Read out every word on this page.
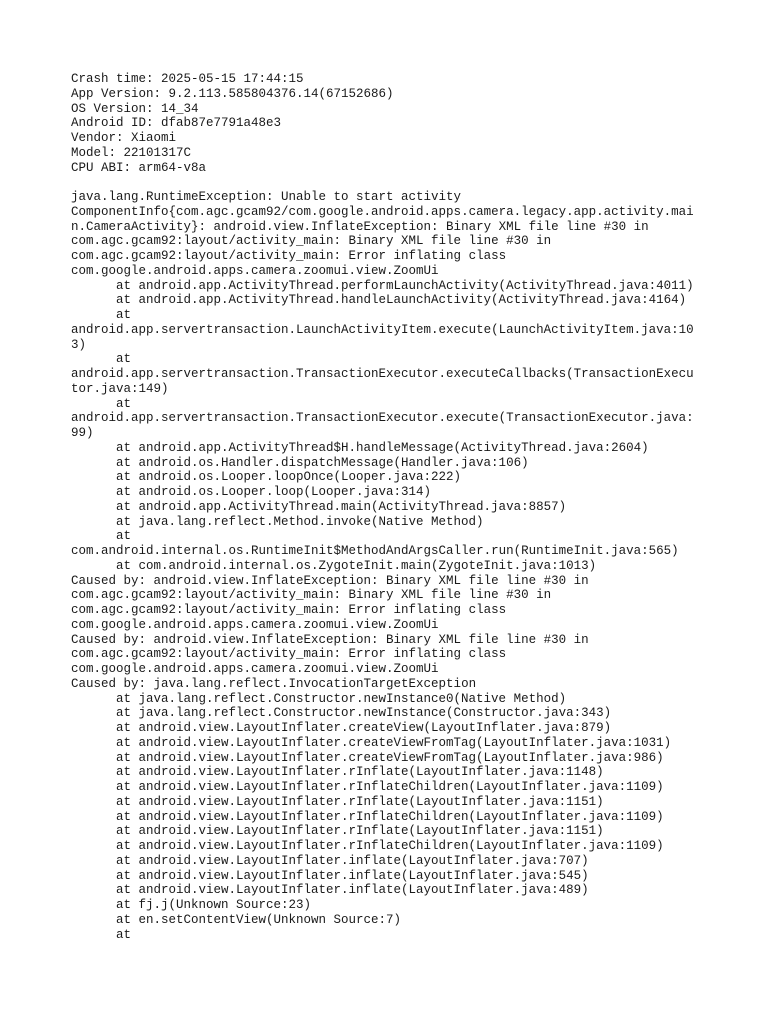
Crash time: 2025-05-15 17:44:15
App Version: 9.2.113.585804376.14(67152686)
OS Version: 14_34
Android ID: dfab87e7791a48e3
Vendor: Xiaomi
Model: 22101317C
CPU ABI: arm64-v8a
java.lang.RuntimeException: Unable to start activity
ComponentInfo{com.agc.gcam92/com.google.android.apps.camera.legacy.app.activity.mai
n.CameraActivity}: android.view.InflateException: Binary XML file line #30 in
com.agc.gcam92:layout/activity_main: Binary XML file line #30 in
com.agc.gcam92:layout/activity_main: Error inflating class
com.google.android.apps.camera.zoomui.view.ZoomUi
at android.app.ActivityThread.performLaunchActivity(ActivityThread.java:4011)
at android.app.ActivityThread.handleLaunchActivity(ActivityThread.java:4164)
at
android.app.servertransaction.LaunchActivityItem.execute(LaunchActivityItem.java:10
3)
at
android.app.servertransaction.TransactionExecutor.executeCallbacks(TransactionExecu
tor.java:149)
at
android.app.servertransaction.TransactionExecutor.execute(TransactionExecutor.java:
99)
at android.app.ActivityThread$H.handleMessage(ActivityThread.java:2604)
at android.os.Handler.dispatchMessage(Handler.java:106)
at android.os.Looper.loopOnce(Looper.java:222)
at android.os.Looper.loop(Looper.java:314)
at android.app.ActivityThread.main(ActivityThread.java:8857)
at java.lang.reflect.Method.invoke(Native Method)
at
com.android.internal.os.RuntimeInit$MethodAndArgsCaller.run(RuntimeInit.java:565)
at com.android.internal.os.ZygoteInit.main(ZygoteInit.java:1013)
Caused by: android.view.InflateException: Binary XML file line #30 in
com.agc.gcam92:layout/activity_main: Binary XML file line #30 in
com.agc.gcam92:layout/activity_main: Error inflating class
com.google.android.apps.camera.zoomui.view.ZoomUi
Caused by: android.view.InflateException: Binary XML file line #30 in
com.agc.gcam92:layout/activity_main: Error inflating class
com.google.android.apps.camera.zoomui.view.ZoomUi
Caused by: java.lang.reflect.InvocationTargetException
at java.lang.reflect.Constructor.newInstance0(Native Method)
at java.lang.reflect.Constructor.newInstance(Constructor.java:343)
at android.view.LayoutInflater.createView(LayoutInflater.java:879)
at android.view.LayoutInflater.createViewFromTag(LayoutInflater.java:1031)
at android.view.LayoutInflater.createViewFromTag(LayoutInflater.java:986)
at android.view.LayoutInflater.rInflate(LayoutInflater.java:1148)
at android.view.LayoutInflater.rInflateChildren(LayoutInflater.java:1109)
at android.view.LayoutInflater.rInflate(LayoutInflater.java:1151)
at android.view.LayoutInflater.rInflateChildren(LayoutInflater.java:1109)
at android.view.LayoutInflater.rInflate(LayoutInflater.java:1151)
at android.view.LayoutInflater.rInflateChildren(LayoutInflater.java:1109)
at android.view.LayoutInflater.inflate(LayoutInflater.java:707)
at android.view.LayoutInflater.inflate(LayoutInflater.java:545)
at android.view.LayoutInflater.inflate(LayoutInflater.java:489)
at fj.j(Unknown Source:23)
at en.setContentView(Unknown Source:7)
at
